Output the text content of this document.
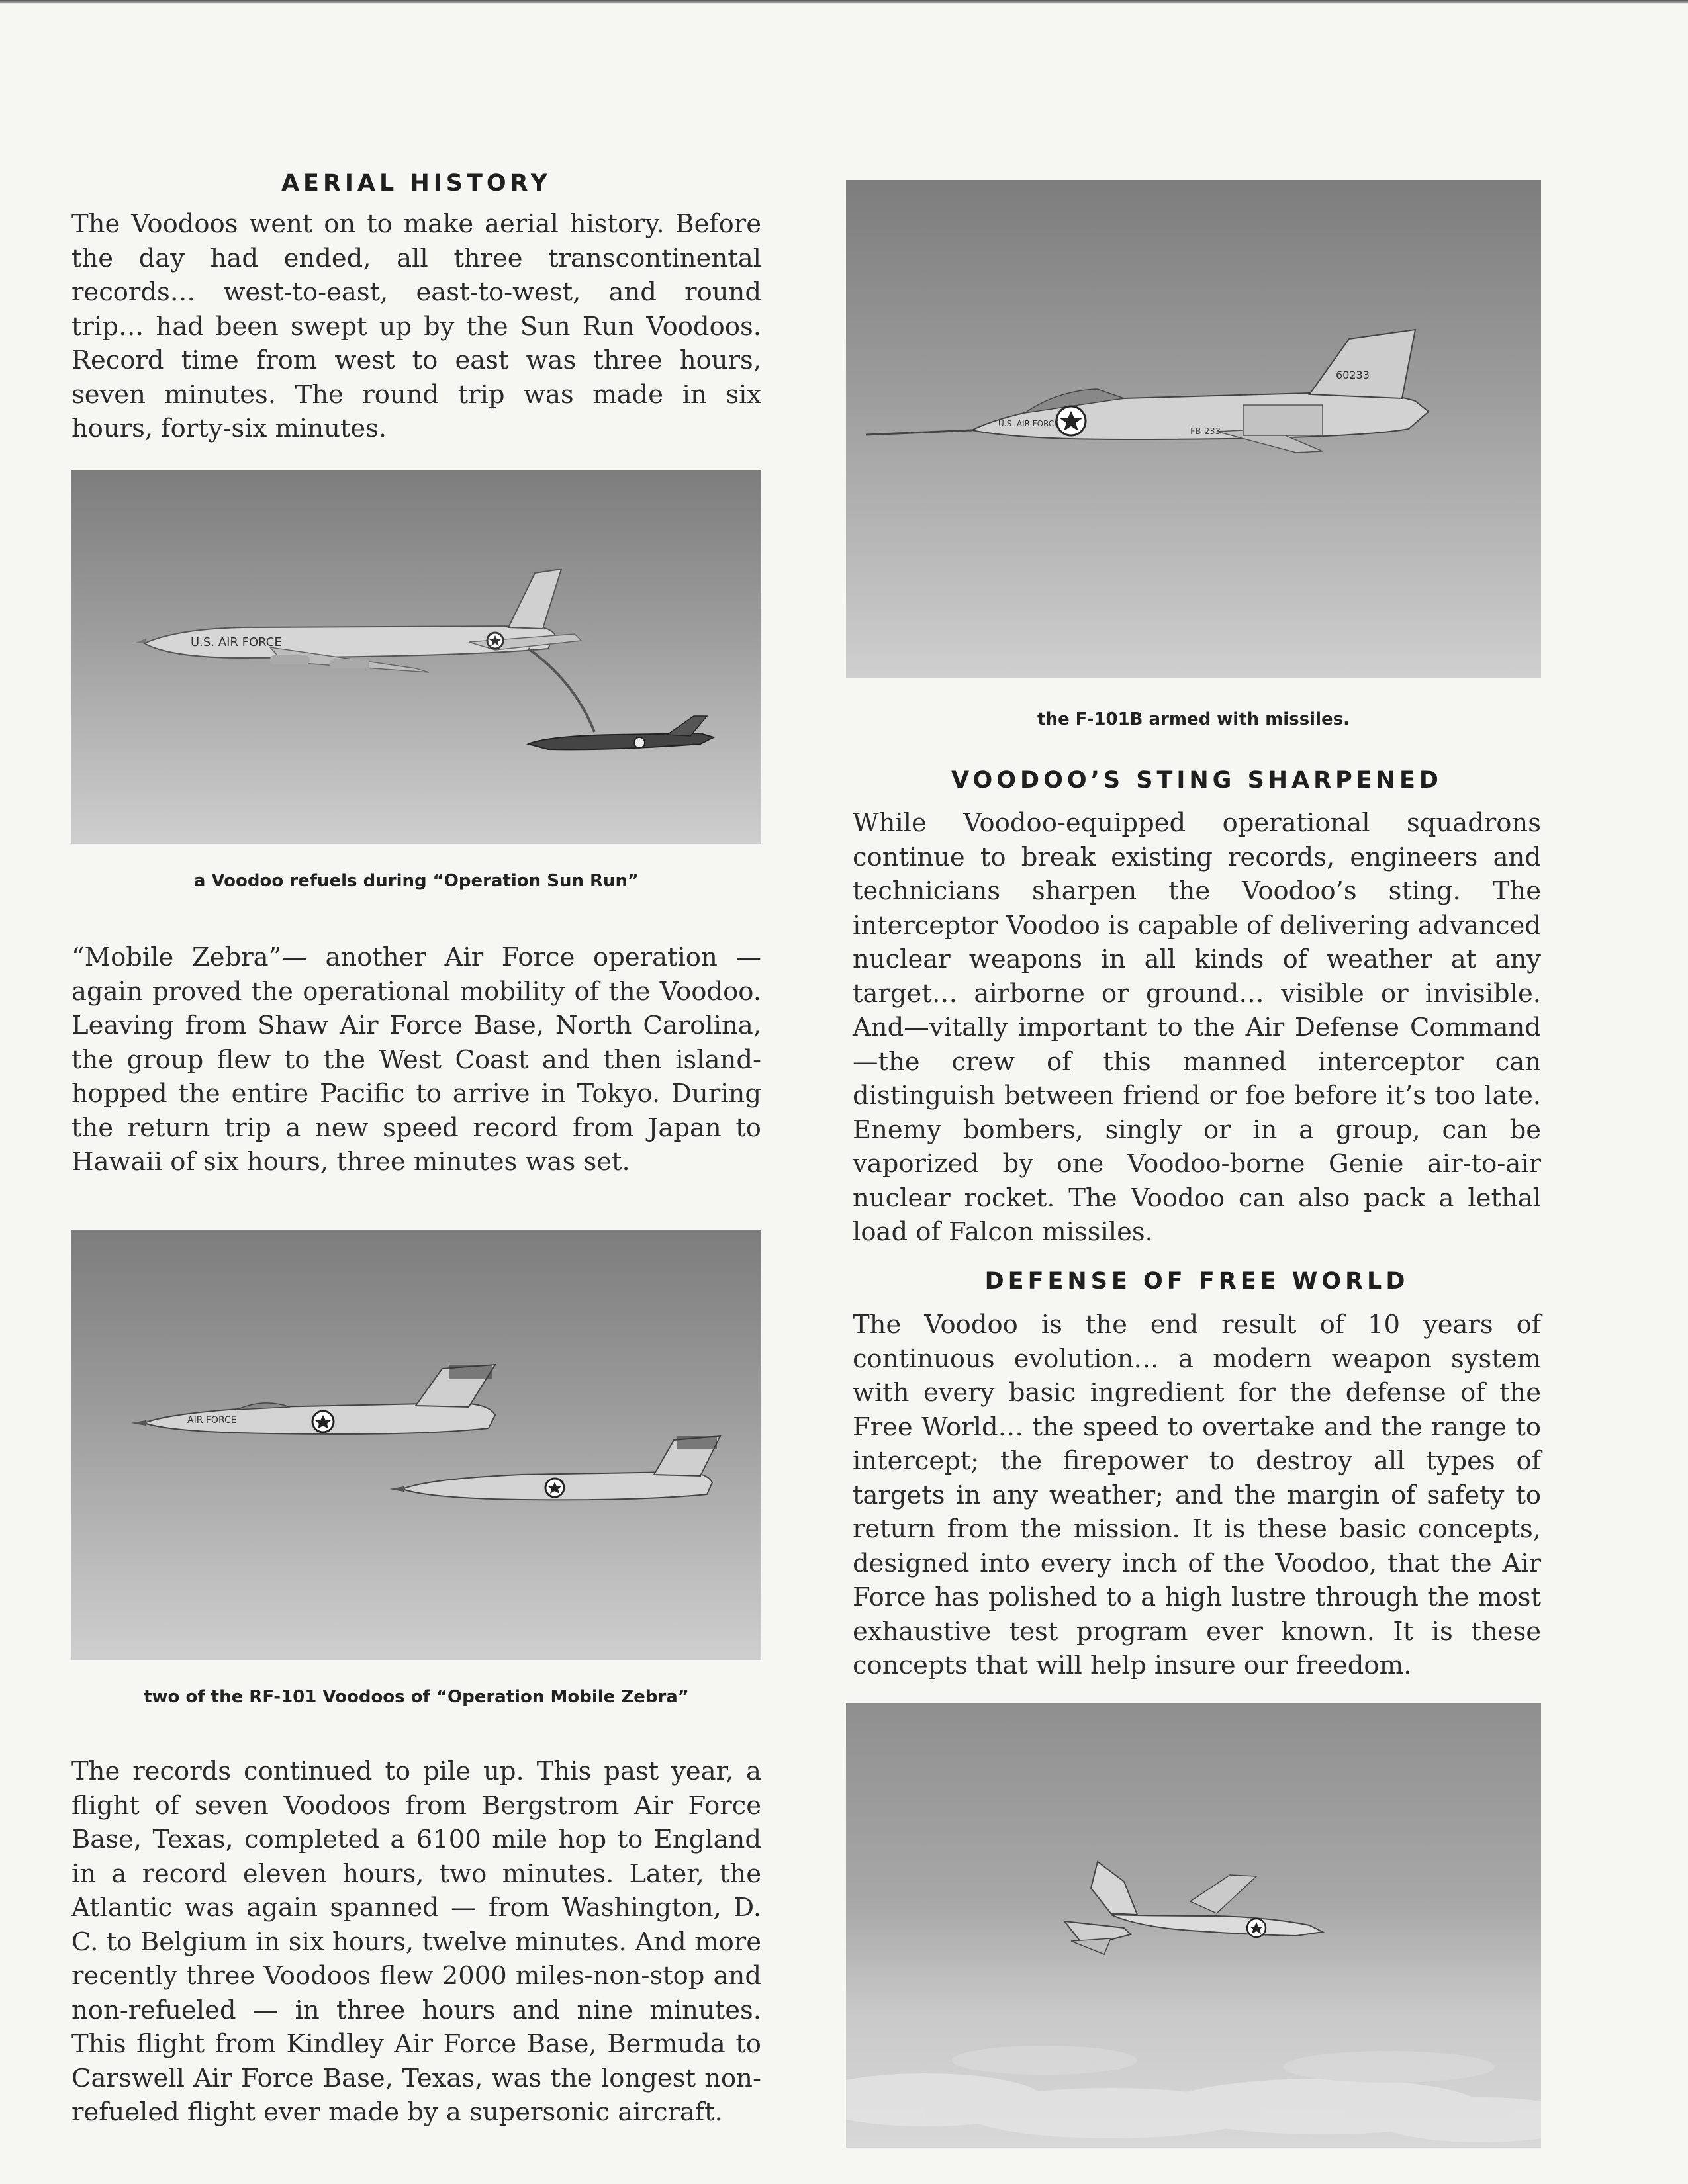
AERIAL HISTORY

The Voodoos went on to make aerial history. Before the day had ended, all three transcontinental records… west-to-east, east-to-west, and round trip… had been swept up by the Sun Run Voodoos. Record time from west to east was three hours, seven minutes. The round trip was made in six hours, forty-six minutes.

U.S. AIR FORCE
a Voodoo refuels during “Operation Sun Run”

“Mobile Zebra”— another Air Force operation — again proved the operational mobility of the Voodoo. Leaving from Shaw Air Force Base, North Carolina, the group flew to the West Coast and then island-hopped the entire Pacific to arrive in Tokyo. During the return trip a new speed record from Japan to Hawaii of six hours, three minutes was set.

AIR FORCE
two of the RF-101 Voodoos of “Operation Mobile Zebra”

The records continued to pile up. This past year, a flight of seven Voodoos from Bergstrom Air Force Base, Texas, completed a 6100 mile hop to England in a record eleven hours, two minutes. Later, the Atlantic was again spanned — from Washington, D. C. to Belgium in six hours, twelve minutes. And more recently three Voodoos flew 2000 miles-non-stop and non-refueled — in three hours and nine minutes. This flight from Kindley Air Force Base, Bermuda to Carswell Air Force Base, Texas, was the longest non-refueled flight ever made by a supersonic aircraft.

60233
U.S. AIR FORCE
FB-233
the F-101B armed with missiles.
VOODOO’S STING SHARPENED

While Voodoo-equipped operational squadrons continue to break existing records, engineers and technicians sharpen the Voodoo’s sting. The interceptor Voodoo is capable of delivering advanced nuclear weapons in all kinds of weather at any target… airborne or ground… visible or invisible. And—vitally important to the Air Defense Command—the crew of this manned interceptor can distinguish between friend or foe before it’s too late. Enemy bombers, singly or in a group, can be vaporized by one Voodoo-borne Genie air-to-air nuclear rocket. The Voodoo can also pack a lethal load of Falcon missiles.

DEFENSE OF FREE WORLD

The Voodoo is the end result of 10 years of continuous evolution… a modern weapon system with every basic ingredient for the defense of the Free World… the speed to overtake and the range to intercept; the firepower to destroy all types of targets in any weather; and the margin of safety to return from the mission. It is these basic concepts, designed into every inch of the Voodoo, that the Air Force has polished to a high lustre through the most exhaustive test program ever known. It is these concepts that will help insure our freedom.
